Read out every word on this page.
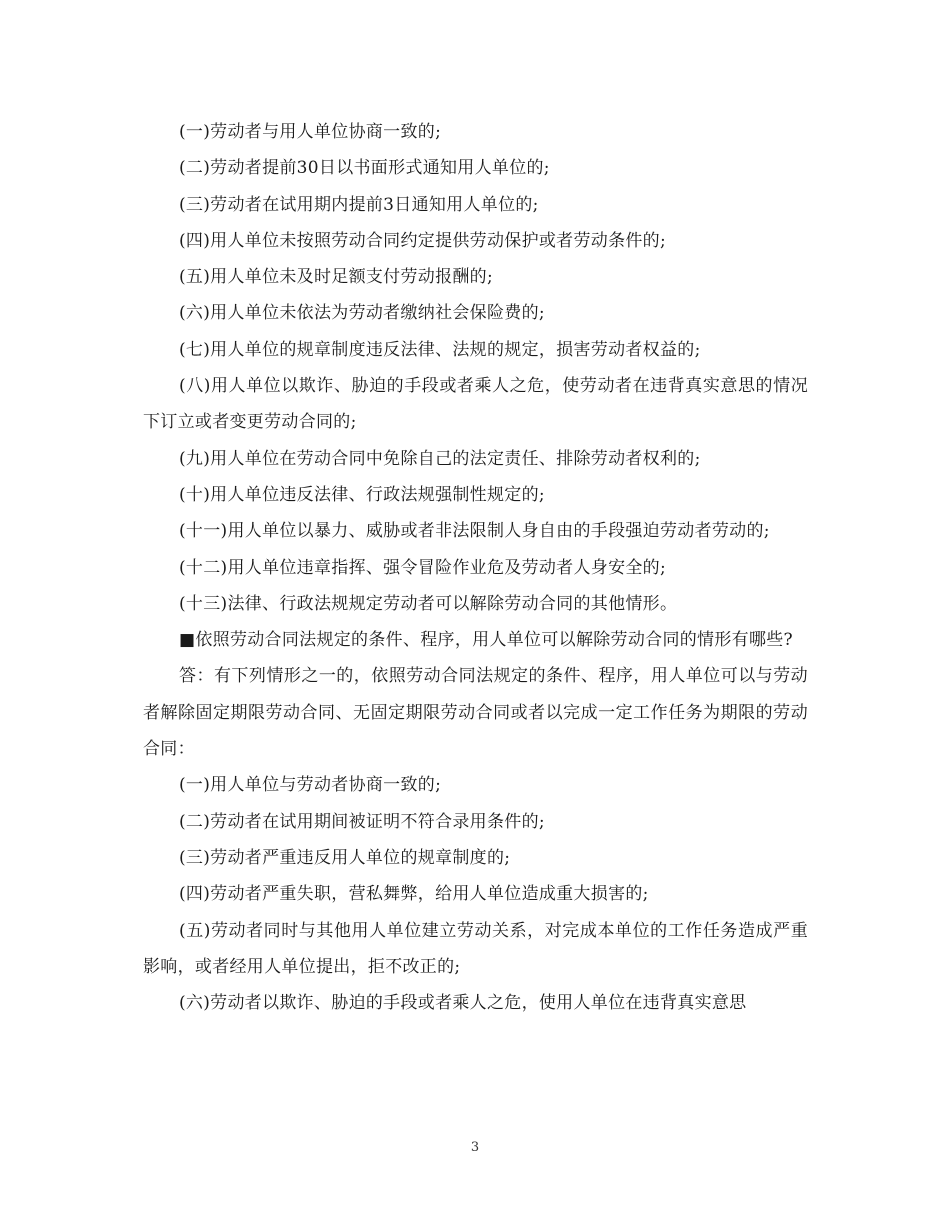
(一)劳动者与用人单位协商一致的;

(二)劳动者提前30日以书面形式通知用人单位的;

(三)劳动者在试用期内提前3日通知用人单位的;

(四)用人单位未按照劳动合同约定提供劳动保护或者劳动条件的;

(五)用人单位未及时足额支付劳动报酬的;

(六)用人单位未依法为劳动者缴纳社会保险费的;

(七)用人单位的规章制度违反法律、法规的规定，损害劳动者权益的;

(八)用人单位以欺诈、胁迫的手段或者乘人之危，使劳动者在违背真实意思的情况下订立或者变更劳动合同的;

(九)用人单位在劳动合同中免除自己的法定责任、排除劳动者权利的;

(十)用人单位违反法律、行政法规强制性规定的;

(十一)用人单位以暴力、威胁或者非法限制人身自由的手段强迫劳动者劳动的;

(十二)用人单位违章指挥、强令冒险作业危及劳动者人身安全的;

(十三)法律、行政法规规定劳动者可以解除劳动合同的其他情形。

■依照劳动合同法规定的条件、程序，用人单位可以解除劳动合同的情形有哪些?

答：有下列情形之一的，依照劳动合同法规定的条件、程序，用人单位可以与劳动者解除固定期限劳动合同、无固定期限劳动合同或者以完成一定工作任务为期限的劳动合同：

(一)用人单位与劳动者协商一致的;

(二)劳动者在试用期间被证明不符合录用条件的;

(三)劳动者严重违反用人单位的规章制度的;

(四)劳动者严重失职，营私舞弊，给用人单位造成重大损害的;

(五)劳动者同时与其他用人单位建立劳动关系，对完成本单位的工作任务造成严重影响，或者经用人单位提出，拒不改正的;

(六)劳动者以欺诈、胁迫的手段或者乘人之危，使用人单位在违背真实意思

3
